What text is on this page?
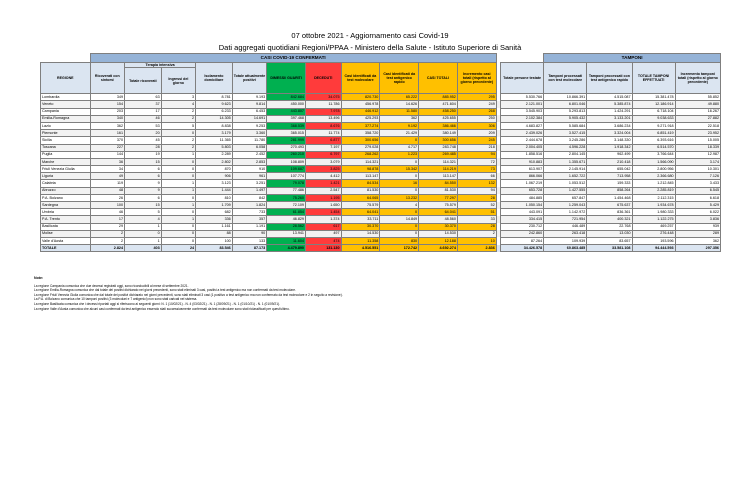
07 ottobre 2021 - Aggiornamento casi Covid-19
Dati aggregati quotidiani Regioni/PPAA - Ministero della Salute - Istituto Superiore di Sanità
	CASI COVID-19 CONFERMATI													TAMPONI			
REGIONE	Ricoverati con sintomi	Terapia intensiva		Isolamento domiciliare	Totale attualmente positivi	DIMESSI/ GUARITI	DECEDUTI	Casi identificati da test molecolare	Casi identificati da test antigenico rapido	CASI TOTALI	Incremento casi totali (rispetto al giorno precedente)		Totale persone testate	Tamponi processati con test molecolare	Tamponi processati con test antigenico rapido	TOTALE TAMPONI EFFETTUATI	Incremento tamponi totali (rispetto al giorno precedente)
		Totale ricoverati	Ingressi del giorno														
Lombardia	349	63	3	8.781	9.193	842.684	34.075	820.730	65.222	885.952	295		5.530.766	10.866.391	4.515.087	15.381.478	55.852
Veneto	154	37	4	9.623	9.814	450.000	11.786	456.978	14.626	471.604	249		2.121.001	6.801.046	5.385.874	12.186.914	49.880
Campania	203	17	2	6.233	6.453	443.807	7.978	446.912	11.580	458.250	268		3.545.903	5.293.813	1.424.291	6.718.104	16.267
Emilia-Romagna	340	46	2	14.305	14.691	397.468	13.496	425.293	362	425.655	250		2.102.384	5.905.432	3.133.201	9.038.633	27.882
Lazio	362	53	5	8.838	9.253	368.539	8.676	377.274	9.192	386.466	306		4.683.827	5.585.684	3.686.234	9.271.918	22.518
Piemonte	161	20	0	3.179	3.360	365.015	11.774	358.720	21.429	380.149	209		2.439.026	3.527.415	3.324.004	6.851.419	23.952
Sicilia	370	45	2	11.365	11.780	281.999	6.877	300.656	0	300.656	245		2.444.678	3.245.286	3.148.330	6.393.616	15.005
Toscana	227	28	2	5.803	6.058	270.493	7.197	279.028	4.717	283.748	218		2.004.405	4.596.228	1.918.342	6.514.570	18.339
Puglia	144	19	1	2.289	2.452	260.210	6.797	268.262	1.223	269.485	94		1.858.516	2.804.145	962.499	3.766.644	12.987
Marche	36	15	0	2.802	2.853	108.809	3.079	114.321	0	114.321	72		910.883	1.355.671	210.418	1.566.090	3.174
Friuli Venezia Giulia	34	6	0	870	910	109.687	3.825	98.878	15.342	114.219	73		613.907	2.145.914	655.042	2.800.956	10.301
Liguria	49	6	0	906	961	107.774	4.412	113.147	0	113.147	66		866.066	1.652.722	713.958	2.366.680	7.126
Calabria	119	9	1	3.123	3.251	79.078	1.421	84.534	16	84.550	132		1.067.219	1.053.512	159.333	1.212.845	3.433
Abruzzo	48	9	1	1.444	1.497	77.486	2.547	81.530	0	81.530	94		653.728	1.427.555	858.264	2.285.819	6.545
P.A. Bolzano	26	6	0	810	842	75.260	1.195	64.065	13.232	77.297	28		484.885	657.847	1.454.468	2.112.315	6.618
Sardegna	100	15	1	1.709	1.824	72.109	1.650	75.579	4	75.579	52		1.050.154	1.259.043	675.637	1.934.678	5.429
Umbria	46	5	0	682	733	61.854	1.454	64.041	0	64.041	51		443.091	1.142.972	836.361	1.980.333	6.022
P.A. Trento	17	4	1	336	357	46.829	1.374	33.711	14.849	48.560	33		334.415	721.954	400.321	1.122.275	3.836
Basilicata	29	1	0	1.161	1.191	28.562	617	30.370	0	30.370	28		230.712	446.489	22.768	469.257	939
Molise	2	0	0	88	90	13.941	497	14.530	0	14.530	2		242.860	263.418	13.030	276.448	289
Valle d'Aosta	2	1	0	100	133	11.604	474	11.358	830	12.188	10		87.264	109.939	83.657	193.596	362
TOTALE	2.824	403	24	83.546	87.173	4.479.890	131.130	4.516.551	172.742	4.692.274	2.836		34.426.578	60.863.485	33.581.108	94.444.593	297.356
Note:
La regione Campania comunica che due decessi registrati oggi, sono riconducibili al mese di settembre 2021.
La regione Emilia-Romagna comunica che dal totale dei positivi dichiarato nei giorni precedenti, sono stati eliminati 3 casi, positivi a test antigenico ma non confermati da test molecolare.
La regione Friuli Venezia Giulia comunica che dal totale dei positivi dichiarato nei giorni precedenti, sono stati eliminati 3 casi (1 positivo a test antigenico ma non confermato da test molecolare e 2 in seguito a revisione).
La P.A. di Bolzano comunica che 10 tamponi positivi (3 molecolari e 7 antigenici) non sono stati caricati nel sistema.
La regione Basilicata comunica che i decessi riportati oggi si riferiscono ai seguenti giorni: N. 1 (10/02/21) - N. 4 (03/02/21) - N. 1 (28/09/21) - N. 1 (01/10/21) - N. 1 (01/09/21).
La regione Valle d'Aosta comunica che alcuni casi confermati da test antigenico essendo stati successivamente confermati da test molecolare sono stati riclassificati per quest'ultimo.
